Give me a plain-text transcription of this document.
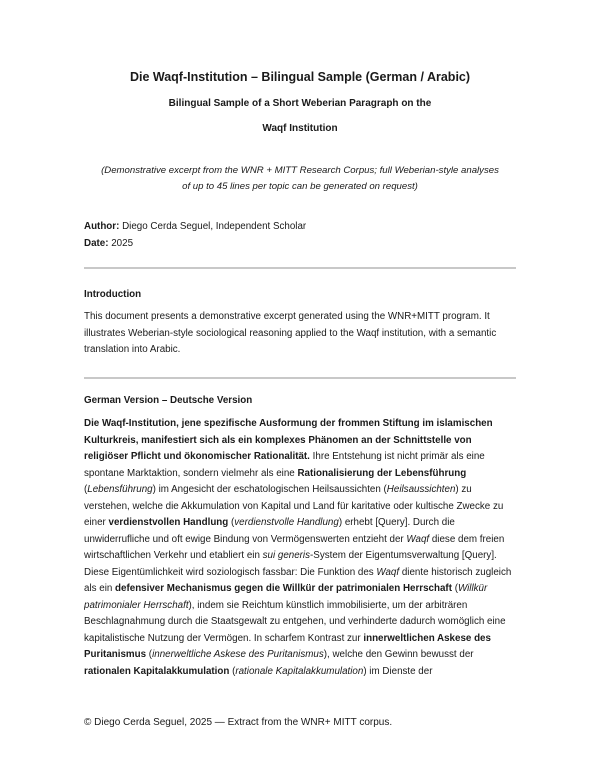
Die Waqf-Institution – Bilingual Sample (German / Arabic)
Bilingual Sample of a Short Weberian Paragraph on the
Waqf Institution
(Demonstrative excerpt from the WNR + MITT Research Corpus; full Weberian-style analyses of up to 45 lines per topic can be generated on request)
Author: Diego Cerda Seguel, Independent Scholar
Date: 2025
Introduction
This document presents a demonstrative excerpt generated using the WNR+MITT program. It illustrates Weberian-style sociological reasoning applied to the Waqf institution, with a semantic translation into Arabic.
German Version – Deutsche Version
Die Waqf-Institution, jene spezifische Ausformung der frommen Stiftung im islamischen Kulturkreis, manifestiert sich als ein komplexes Phänomen an der Schnittstelle von religiöser Pflicht und ökonomischer Rationalität. Ihre Entstehung ist nicht primär als eine spontane Marktaktion, sondern vielmehr als eine Rationalisierung der Lebensführung (Lebensführung) im Angesicht der eschatologischen Heilsaussichten (Heilsaussichten) zu verstehen, welche die Akkumulation von Kapital und Land für karitative oder kultische Zwecke zu einer verdienstvollen Handlung (verdienstvolle Handlung) erhebt [Query]. Durch die unwiderrufliche und oft ewige Bindung von Vermögenswerten entzieht der Waqf diese dem freien wirtschaftlichen Verkehr und etabliert ein sui generis-System der Eigentumsverwaltung [Query]. Diese Eigentümlichkeit wird soziologisch fassbar: Die Funktion des Waqf diente historisch zugleich als ein defensiver Mechanismus gegen die Willkür der patrimonialen Herrschaft (Willkür patrimonialer Herrschaft), indem sie Reichtum künstlich immobilisierte, um der arbiträren Beschlagnahmung durch die Staatsgewalt zu entgehen, und verhinderte dadurch womöglich eine kapitalistische Nutzung der Vermögen. In scharfem Kontrast zur innerweltlichen Askese des Puritanismus (innerweltliche Askese des Puritanismus), welche den Gewinn bewusst der rationalen Kapitalakkumulation (rationale Kapitalakkumulation) im Dienste der
© Diego Cerda Seguel, 2025 — Extract from the WNR+ MITT corpus.
